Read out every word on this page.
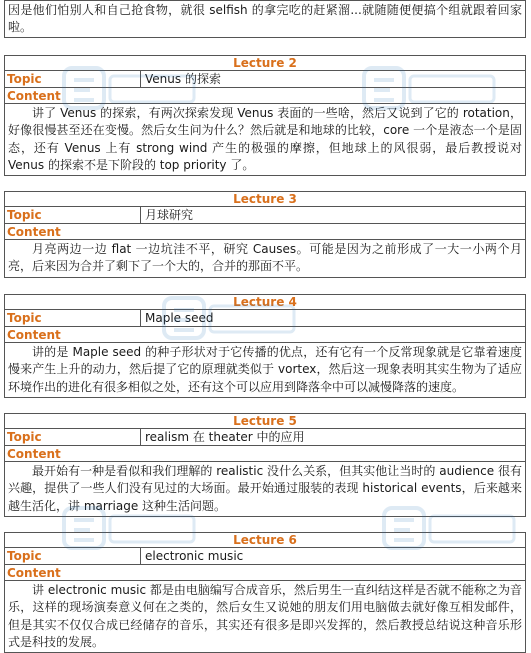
因是他们怕别人和自己抢食物，就很 selfish 的拿完吃的赶紧溜...就随随便便搞个组就跟着回家啦。
Lecture 2
Topic	Venus 的探索
Content
讲了 Venus 的探索，有两次探索发现 Venus 表面的一些啥，然后又说到了它的 rotation，好像很慢甚至还在变慢。然后女生问为什么？然后就是和地球的比较，core 一个是液态一个是固态，还有 Venus 上有 strong wind 产生的极强的摩擦，但地球上的风很弱，最后教授说对 Venus 的探索不是下阶段的 top priority 了。
Lecture 3
Topic	月球研究
Content
月亮两边一边 flat 一边坑洼不平，研究 Causes。可能是因为之前形成了一大一小两个月亮，后来因为合并了剩下了一个大的，合并的那面不平。
Lecture 4
Topic	Maple seed
Content
讲的是 Maple seed 的种子形状对于它传播的优点，还有它有一个反常现象就是它靠着速度慢来产生上升的动力，然后提了它的原理就类似于 vortex，然后这一现象表明其实生物为了适应环境作出的进化有很多相似之处，还有这个可以应用到降落伞中可以减慢降落的速度。
Lecture 5
Topic	realism 在 theater 中的应用
Content
最开始有一种是看似和我们理解的 realistic 没什么关系，但其实他让当时的 audience 很有兴趣，提供了一些人们没有见过的大场面。最开始通过服装的表现 historical events，后来越来越生活化，讲 marriage 这种生活问题。
Lecture 6
Topic	electronic music
Content
讲 electronic music 都是由电脑编写合成音乐，然后男生一直纠结这样是否就不能称之为音乐，这样的现场演奏意义何在之类的，然后女生又说她的朋友们用电脑做去就好像互相发邮件，但是其实不仅仅合成已经储存的音乐，其实还有很多是即兴发挥的，然后教授总结说这种音乐形式是科技的发展。
